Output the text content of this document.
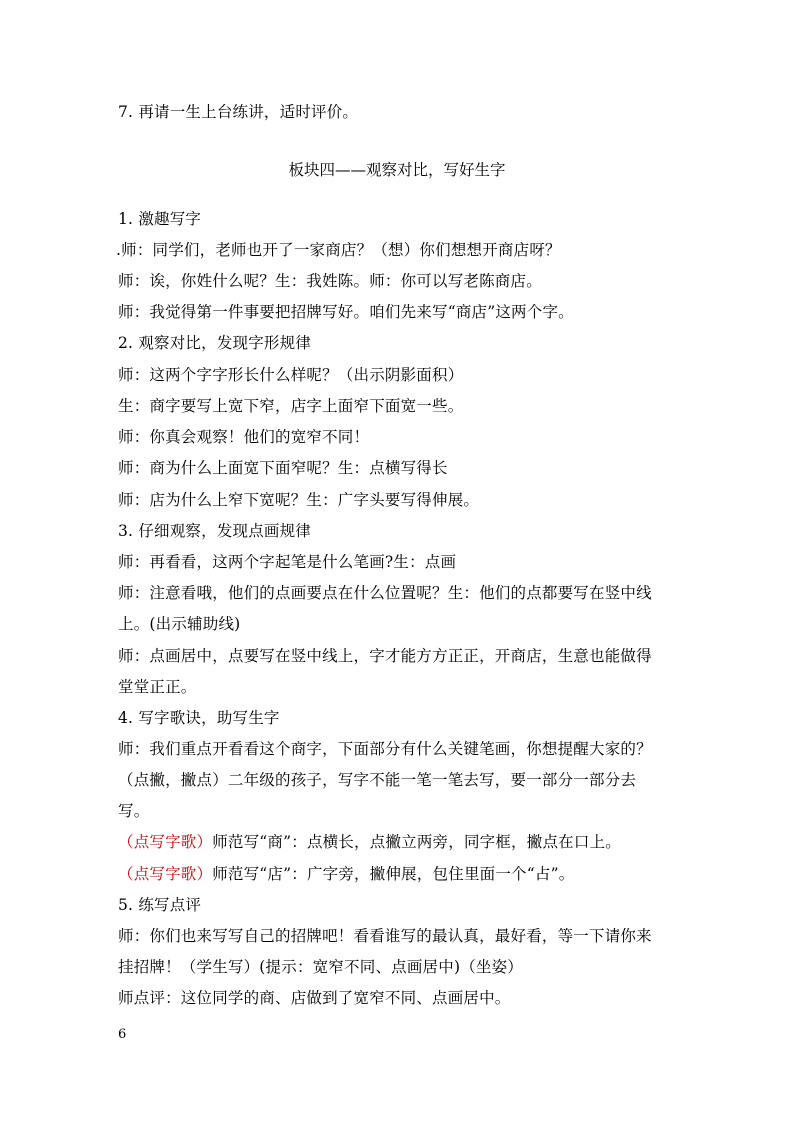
7. 再请一生上台练讲，适时评价。
板块四——观察对比，写好生字
1. 激趣写字
.师：同学们，老师也开了一家商店？（想）你们想想开商店呀？
师：诶，你姓什么呢？生：我姓陈。师：你可以写老陈商店。
师：我觉得第一件事要把招牌写好。咱们先来写“商店”这两个字。
2. 观察对比，发现字形规律
师：这两个字字形长什么样呢？（出示阴影面积）
生：商字要写上宽下窄，店字上面窄下面宽一些。
师：你真会观察！他们的宽窄不同！
师：商为什么上面宽下面窄呢？生：点横写得长
师：店为什么上窄下宽呢？生：广字头要写得伸展。
3. 仔细观察，发现点画规律
师：再看看，这两个字起笔是什么笔画?生：点画
师：注意看哦，他们的点画要点在什么位置呢？生：他们的点都要写在竖中线
上。(出示辅助线)
师：点画居中，点要写在竖中线上，字才能方方正正，开商店，生意也能做得
堂堂正正。
4. 写字歌诀，助写生字
师：我们重点开看看这个商字，下面部分有什么关键笔画，你想提醒大家的？
（点撇，撇点）二年级的孩子，写字不能一笔一笔去写，要一部分一部分去
写。
（点写字歌）师范写“商”：点横长，点撇立两旁，同字框，撇点在口上。
（点写字歌）师范写“店”：广字旁，撇伸展，包住里面一个“占”。
5. 练写点评
师：你们也来写写自己的招牌吧！看看谁写的最认真，最好看，等一下请你来
挂招牌！（学生写）(提示：宽窄不同、点画居中)（坐姿）
师点评：这位同学的商、店做到了宽窄不同、点画居中。
6
